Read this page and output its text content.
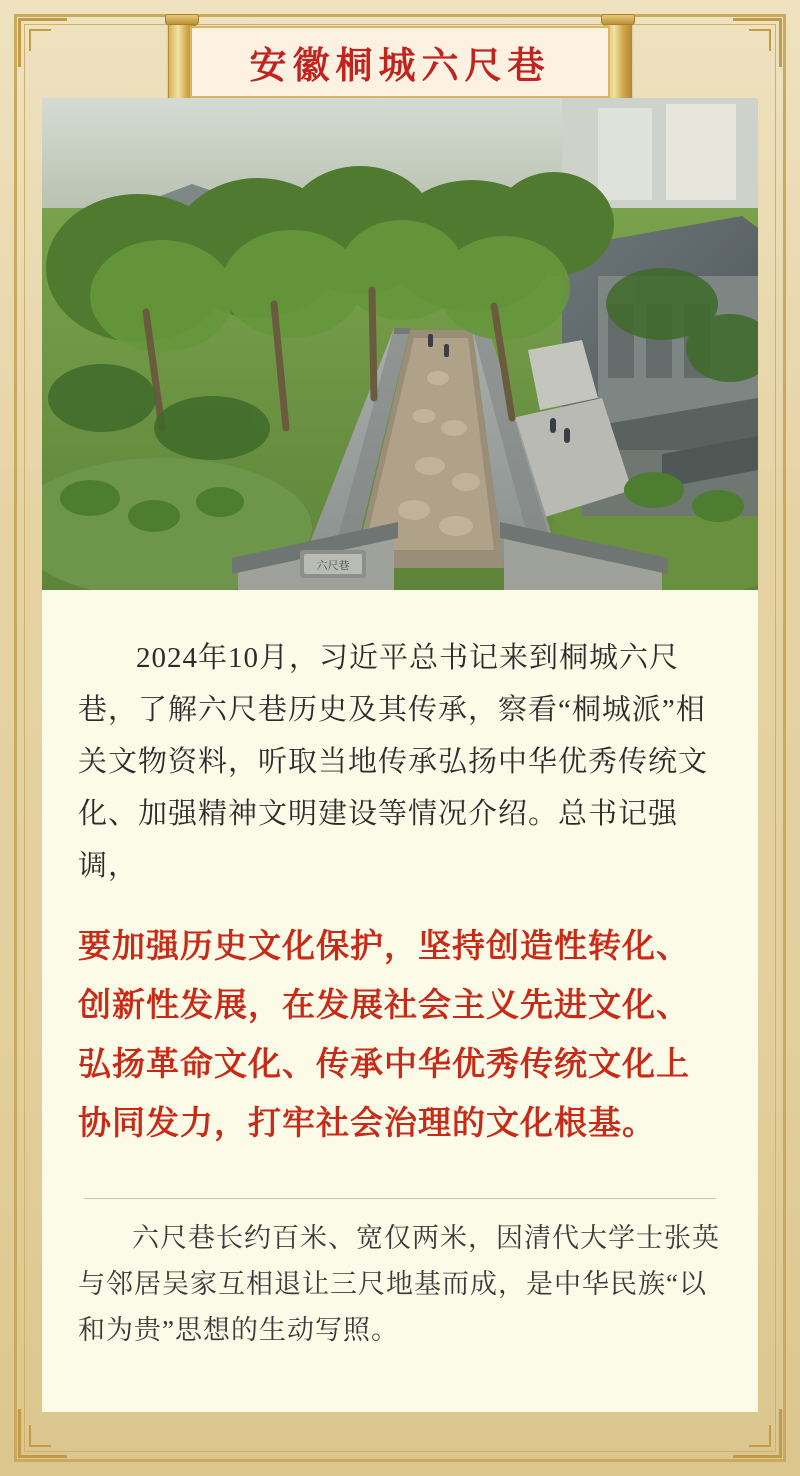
安徽桐城六尺巷
六尺巷

2024年10月，习近平总书记来到桐城六尺巷，了解六尺巷历史及其传承，察看“桐城派”相关文物资料，听取当地传承弘扬中华优秀传统文化、加强精神文明建设等情况介绍。总书记强调，

要加强历史文化保护，坚持创造性转化、创新性发展，在发展社会主义先进文化、弘扬革命文化、传承中华优秀传统文化上协同发力，打牢社会治理的文化根基。

六尺巷长约百米、宽仅两米，因清代大学士张英与邻居吴家互相退让三尺地基而成，是中华民族“以和为贵”思想的生动写照。
